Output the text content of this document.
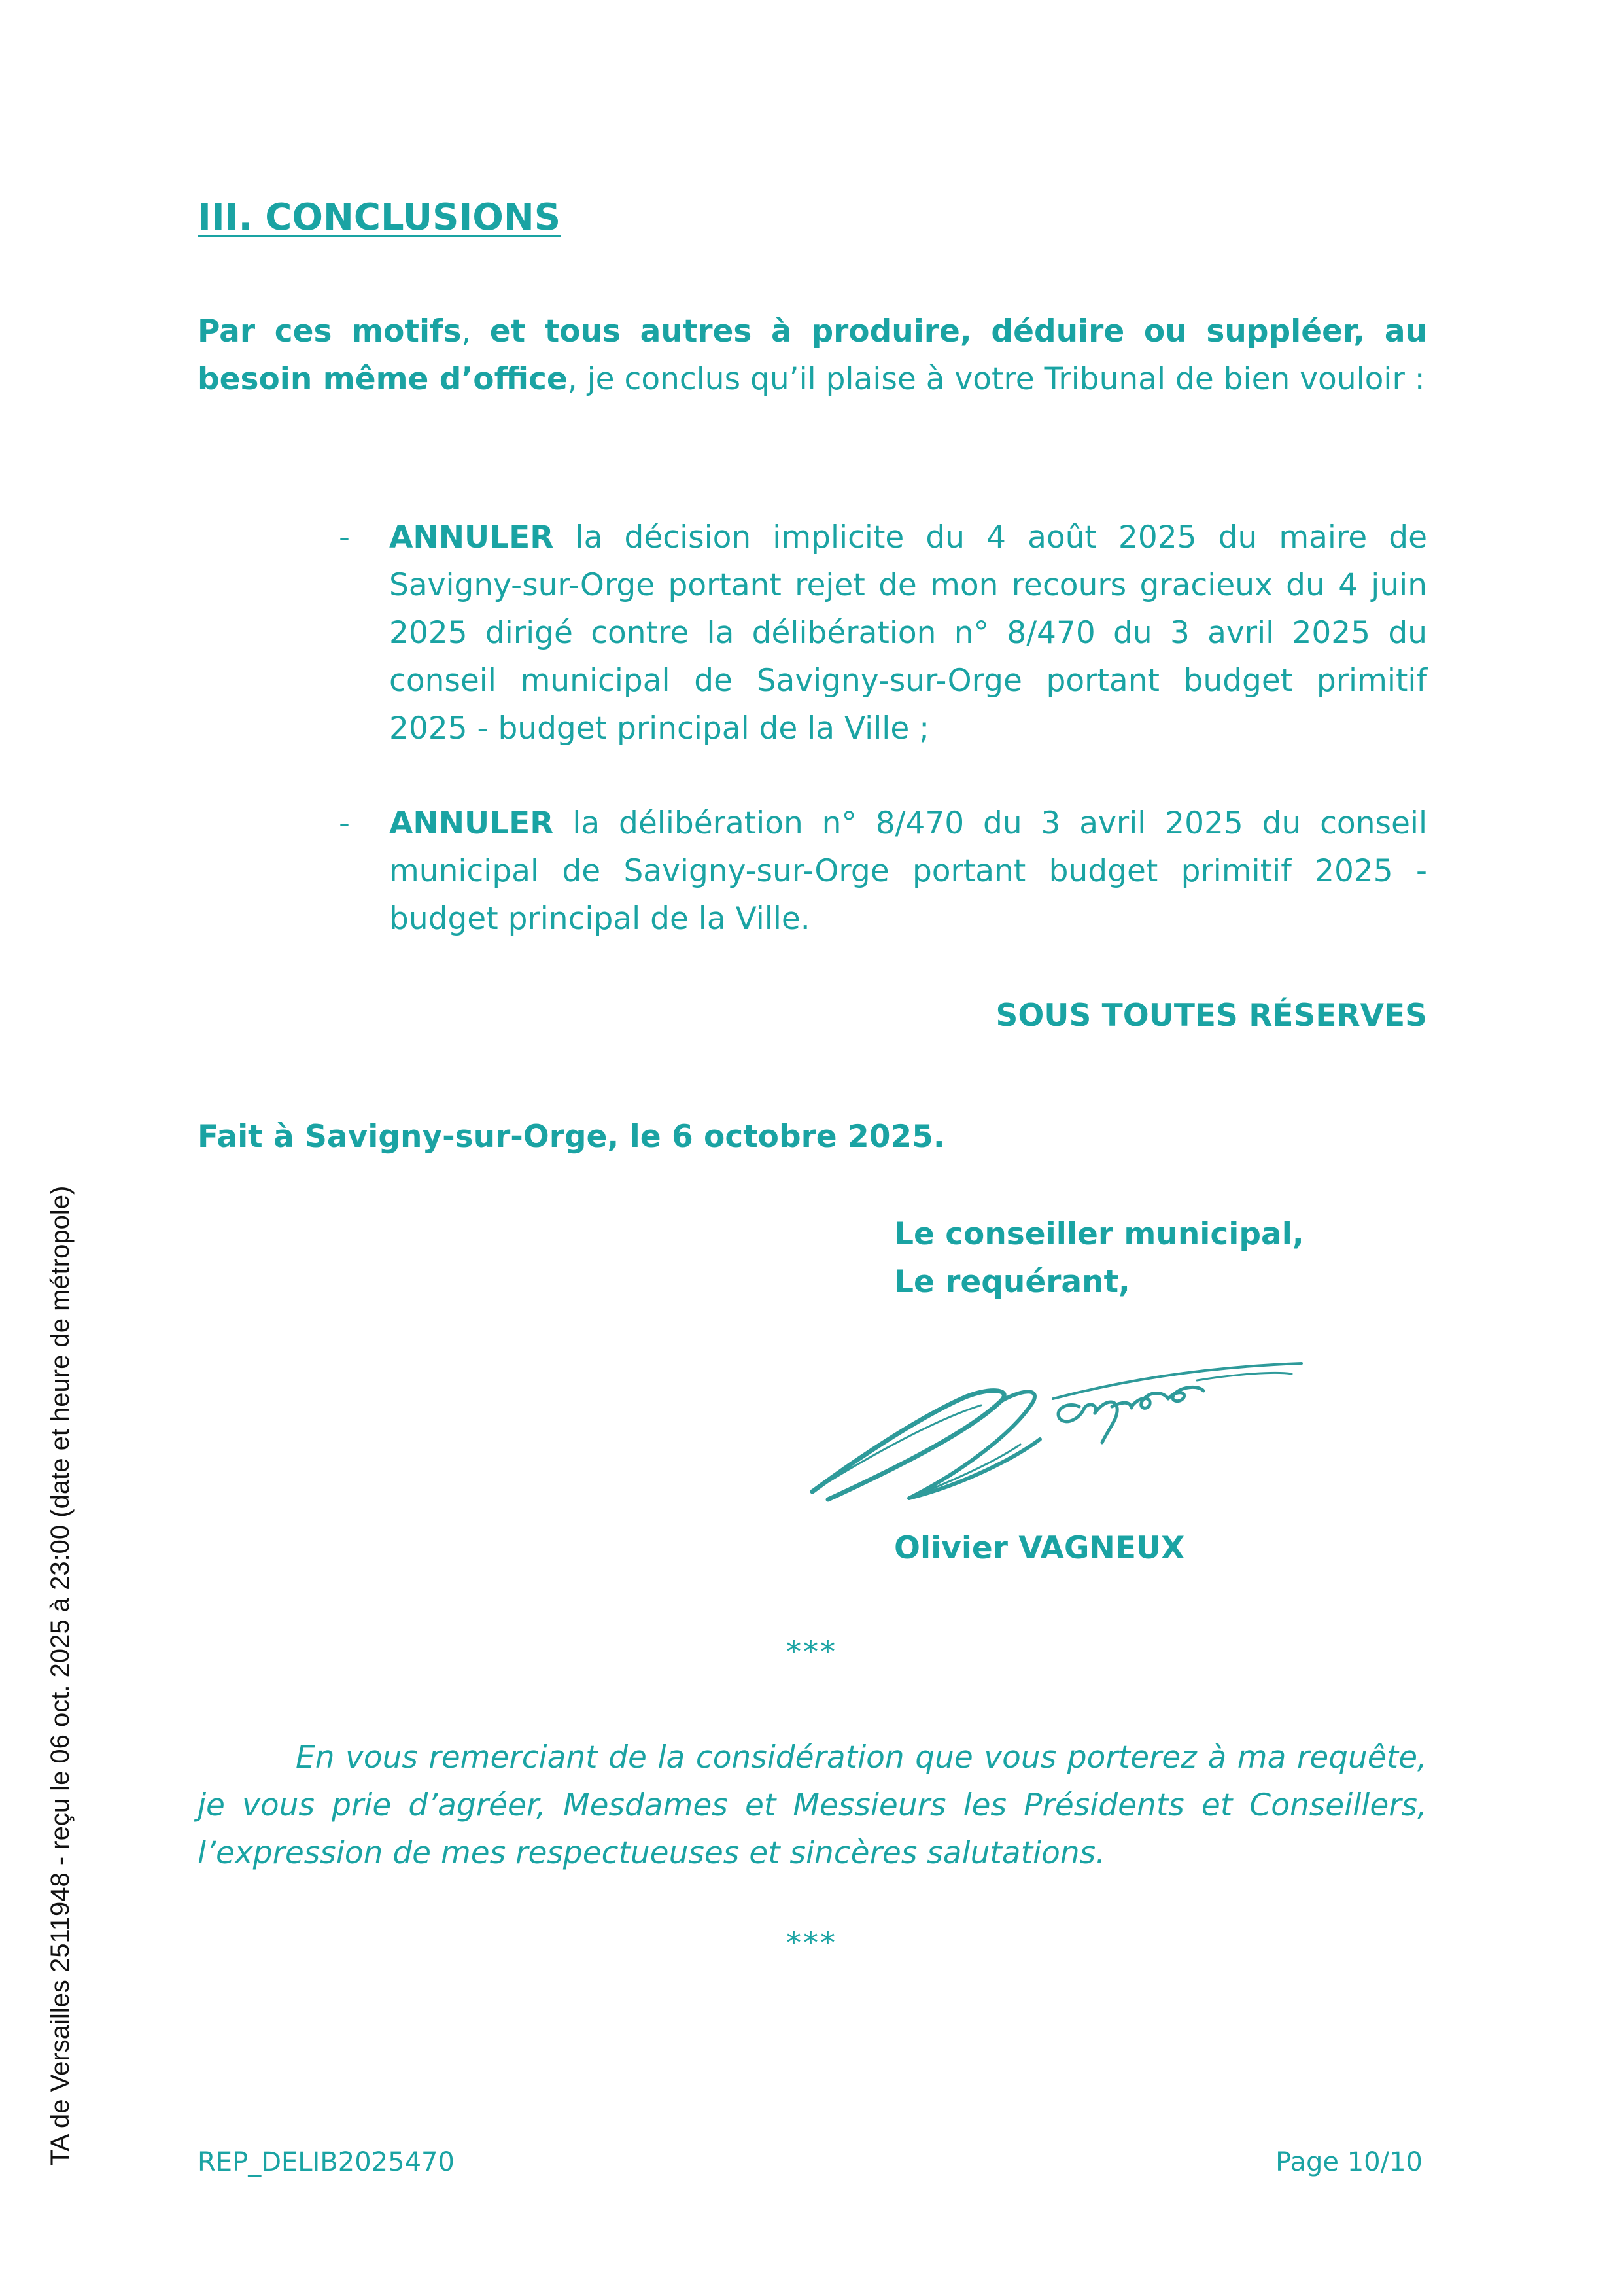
III. CONCLUSIONS
Par ces motifs, et tous autres à produire, déduire ou suppléer, au besoin même d’office, je conclus qu’il plaise à votre Tribunal de bien vouloir :
- ANNULER la décision implicite du 4 août 2025 du maire de Savigny-sur-Orge portant rejet de mon recours gracieux du 4 juin 2025 dirigé contre la délibération n° 8/470 du 3 avril 2025 du conseil municipal de Savigny-sur-Orge portant budget primitif 2025 - budget principal de la Ville ;
- ANNULER la délibération n° 8/470 du 3 avril 2025 du conseil municipal de Savigny-sur-Orge portant budget primitif 2025 - budget principal de la Ville.
SOUS TOUTES RÉSERVES
Fait à Savigny-sur-Orge, le 6 octobre 2025.
Le conseiller municipal,
Le requérant,
Olivier VAGNEUX
***
En vous remerciant de la considération que vous porterez à ma requête, je vous prie d’agréer, Mesdames et Messieurs les Présidents et Conseillers, l’expression de mes respectueuses et sincères salutations.
***
REP_DELIB2025470	Page 10/10
TA de Versailles 2511948 - reçu le 06 oct. 2025 à 23:00 (date et heure de métropole)
